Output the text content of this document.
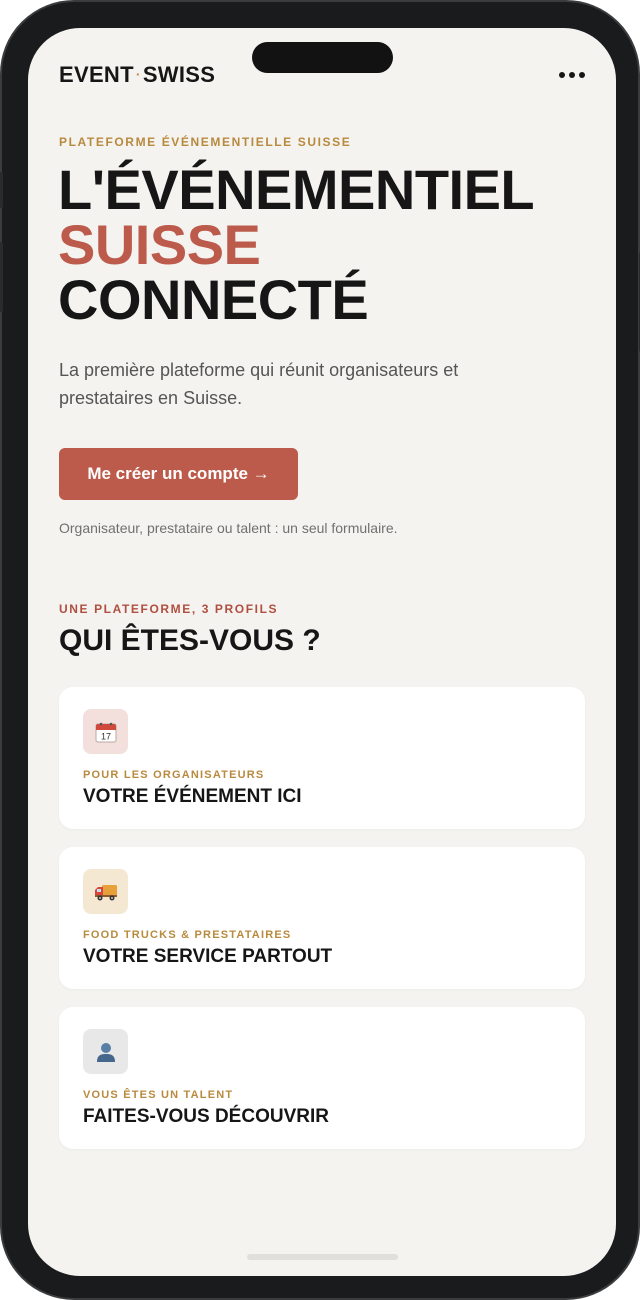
EVENT ·SWISS
PLATEFORME ÉVÉNEMENTIELLE SUISSE
L'ÉVÉNEMENTIEL
SUISSE
CONNECTÉ
La première plateforme qui réunit organisateurs et prestataires en Suisse.
Me créer un compte →
Organisateur, prestataire ou talent : un seul formulaire.
UNE PLATEFORME, 3 PROFILS
QUI ÊTES-VOUS ?
17
POUR LES ORGANISATEURS
VOTRE ÉVÉNEMENT ICI
FOOD TRUCKS & PRESTATAIRES
VOTRE SERVICE PARTOUT
VOUS ÊTES UN TALENT
FAITES-VOUS DÉCOUVRIR
